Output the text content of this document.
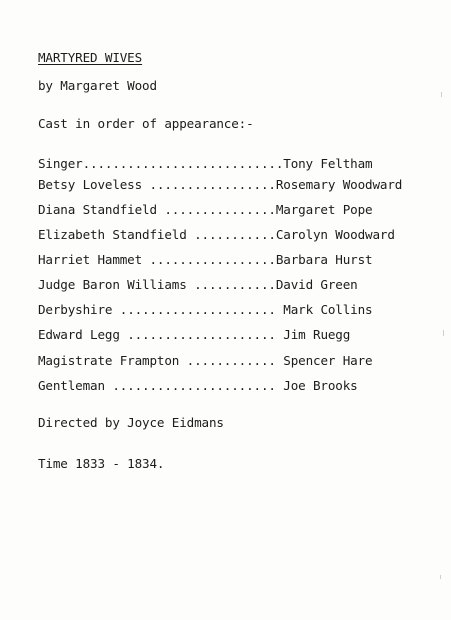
MARTYRED WIVES
by Margaret Wood
Cast in order of appearance:-
Singer...........................Tony Feltham
Betsy Loveless .................Rosemary Woodward
Diana Standfield ...............Margaret Pope
Elizabeth Standfield ...........Carolyn Woodward
Harriet Hammet .................Barbara Hurst
Judge Baron Williams ...........David Green
Derbyshire ..................... Mark Collins
Edward Legg .................... Jim Ruegg
Magistrate Frampton ............ Spencer Hare
Gentleman ...................... Joe Brooks
Directed by Joyce Eidmans
Time 1833 - 1834.
